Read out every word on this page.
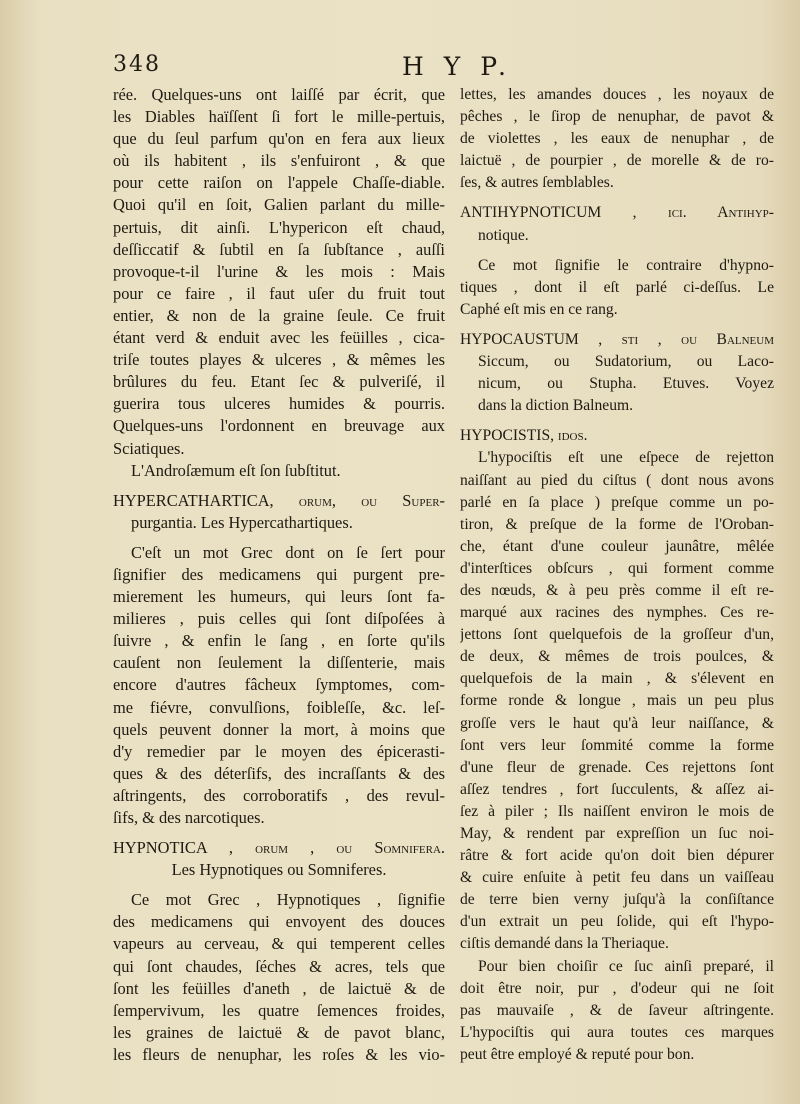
348	H Y P.
rée. Quelques-uns ont laiſſé par écrit, que
les Diables haïſſent ſi fort le mille-pertuis,
que du ſeul parfum qu'on en fera aux lieux
où ils habitent , ils s'enfuiront , & que
pour cette raiſon on l'appele Chaſſe-diable.
Quoi qu'il en ſoit, Galien parlant du mille-
pertuis, dit ainſi. L'hypericon eſt chaud,
deſſiccatif & ſubtil en ſa ſubſtance , auſſi
provoque-t-il l'urine & les mois : Mais
pour ce faire , il faut uſer du fruit tout
entier, & non de la graine ſeule. Ce fruit
étant verd & enduit avec les feüilles , cica-
triſe toutes playes & ulceres , & mêmes les
brûlures du feu. Etant ſec & pulveriſé, il
guerira tous ulceres humides & pourris.
Quelques-uns l'ordonnent en breuvage aux
Sciatiques.
L'Androſæmum eſt ſon ſubſtitut.
HYPERCATHARTICA, orum, ou Super-
purgantia. Les Hypercathartiques.
C'eſt un mot Grec dont on ſe ſert pour
ſignifier des medicamens qui purgent pre-
mierement les humeurs, qui leurs ſont fa-
milieres , puis celles qui ſont diſpoſées à
ſuivre , & enfin le ſang , en ſorte qu'ils
cauſent non ſeulement la diſſenterie, mais
encore d'autres fâcheux ſymptomes, com-
me fiévre, convulſions, foibleſſe, &c. leſ-
quels peuvent donner la mort, à moins que
d'y remedier par le moyen des épicerasti-
ques & des déterſifs, des incraſſants & des
aſtringents, des corroboratifs , des revul-
ſifs, & des narcotiques.
HYPNOTICA , orum , ou Somnifera.
Les Hypnotiques ou Somniferes.
Ce mot Grec , Hypnotiques , ſignifie
des medicamens qui envoyent des douces
vapeurs au cerveau, & qui temperent celles
qui ſont chaudes, ſéches & acres, tels que
ſont les feüilles d'aneth , de laictuë & de
ſempervivum, les quatre ſemences froides,
les graines de laictuë & de pavot blanc,
les fleurs de nenuphar, les roſes & les vio-
lettes, les amandes douces , les noyaux de
pêches , le ſirop de nenuphar, de pavot &
de violettes , les eaux de nenuphar , de
laictuë , de pourpier , de morelle & de ro-
ſes, & autres ſemblables.
ANTIHYPNOTICUM , ici. Antihyp-
notique.
Ce mot ſignifie le contraire d'hypno-
tiques , dont il eſt parlé ci-deſſus. Le
Caphé eſt mis en ce rang.
HYPOCAUSTUM , ſti , ou Balneum
Siccum, ou Sudatorium, ou Laco-
nicum, ou Stupha. Etuves. Voyez
dans la diction Balneum.
HYPOCISTIS, idos.
L'hypociſtis eſt une eſpece de rejetton
naiſſant au pied du ciſtus ( dont nous avons
parlé en ſa place ) preſque comme un po-
tiron, & preſque de la forme de l'Oroban-
che, étant d'une couleur jaunâtre, mêlée
d'interſtices obſcurs , qui forment comme
des nœuds, & à peu près comme il eſt re-
marqué aux racines des nymphes. Ces re-
jettons ſont quelquefois de la groſſeur d'un,
de deux, & mêmes de trois poulces, &
quelquefois de la main , & s'élevent en
forme ronde & longue , mais un peu plus
groſſe vers le haut qu'à leur naiſſance, &
ſont vers leur ſommité comme la forme
d'une fleur de grenade. Ces rejettons ſont
aſſez tendres , fort ſucculents, & aſſez ai-
ſez à piler ; Ils naiſſent environ le mois de
May, & rendent par expreſſion un ſuc noi-
râtre & fort acide qu'on doit bien dépurer
& cuire enſuite à petit feu dans un vaiſſeau
de terre bien verny juſqu'à la conſiſtance
d'un extrait un peu ſolide, qui eſt l'hypo-
ciſtis demandé dans la Theriaque.
Pour bien choiſir ce ſuc ainſi preparé, il
doit être noir, pur , d'odeur qui ne ſoit
pas mauvaiſe , & de ſaveur aſtringente.
L'hypociſtis qui aura toutes ces marques
peut être employé & reputé pour bon.
